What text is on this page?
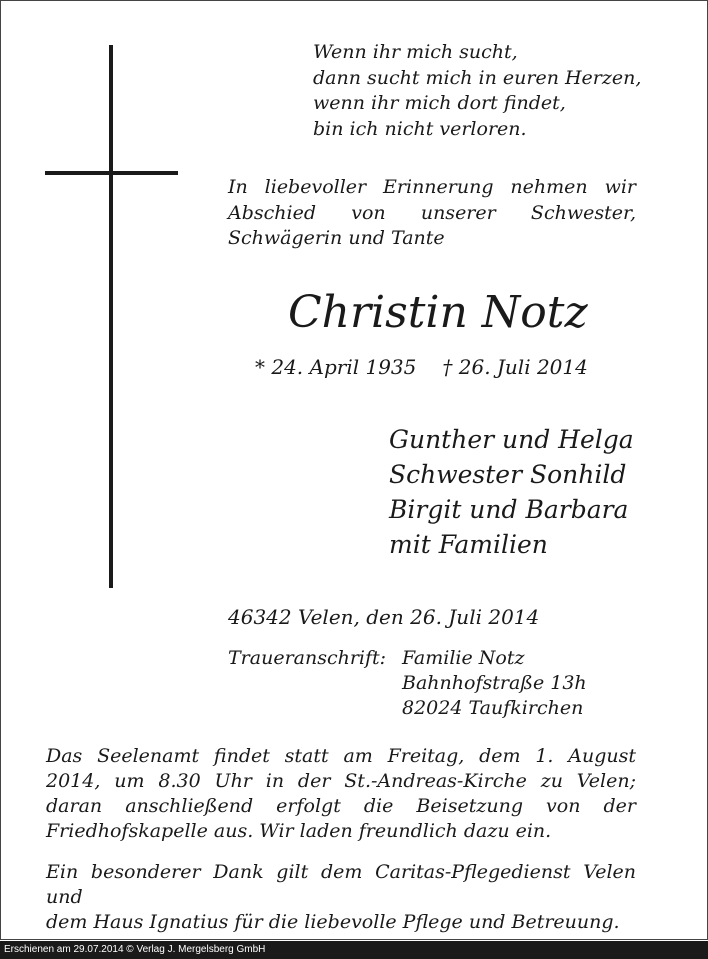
Wenn ihr mich sucht,
dann sucht mich in euren Herzen,
wenn ihr mich dort findet,
bin ich nicht verloren.
In liebevoller Erinnerung nehmen wir
Abschied von unserer Schwester,
Schwägerin und Tante
Christin Notz
* 24. April 1935 † 26. Juli 2014
Gunther und Helga
Schwester Sonhild
Birgit und Barbara
mit Familien
46342 Velen, den 26. Juli 2014
Traueranschrift: Familie Notz
Bahnhofstraße 13h
82024 Taufkirchen
Das Seelenamt findet statt am Freitag, dem 1. August
2014, um 8.30 Uhr in der St.-Andreas-Kirche zu Velen;
daran anschließend erfolgt die Beisetzung von der
Friedhofskapelle aus. Wir laden freundlich dazu ein.
Ein besonderer Dank gilt dem Caritas-Pflegedienst Velen und
dem Haus Ignatius für die liebevolle Pflege und Betreuung.
Erschienen am 29.07.2014 © Verlag J. Mergelsberg GmbH
